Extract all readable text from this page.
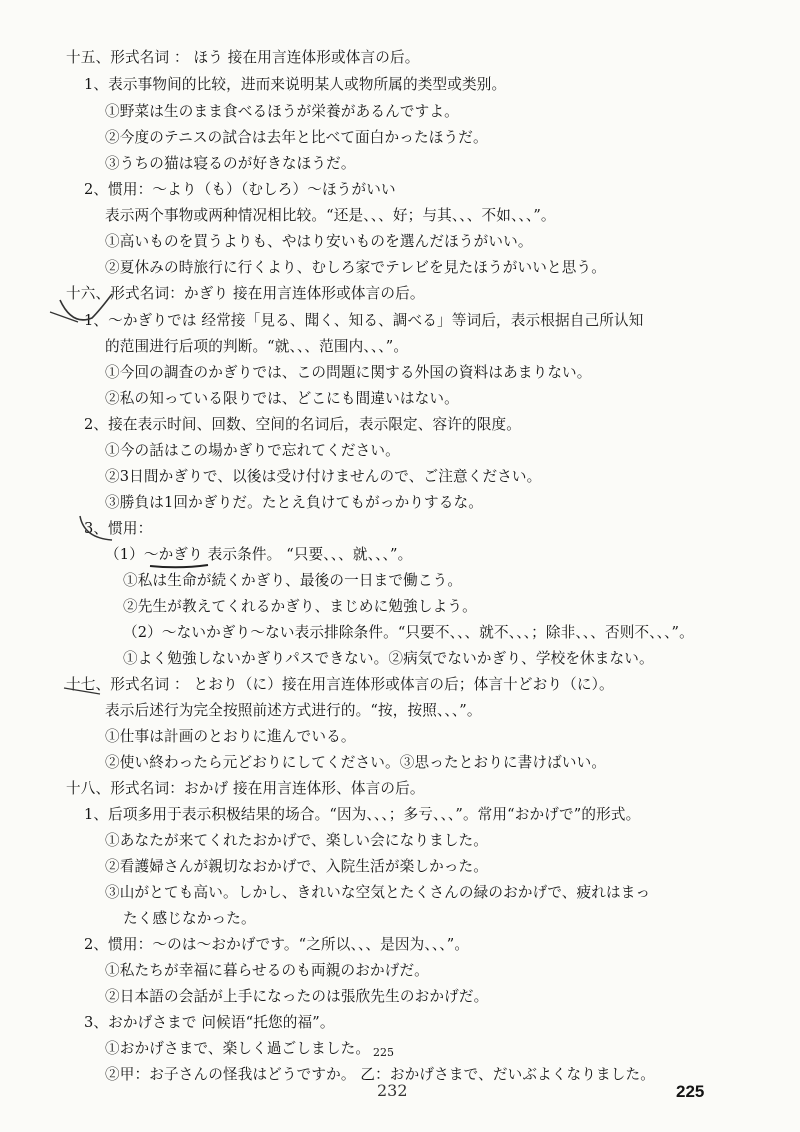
十五、形式名词 ： ほう 接在用言连体形或体言の后。
1、表示事物间的比较，进而来说明某人或物所属的类型或类别。
①野菜は生のまま食べるほうが栄養があるんですよ。
②今度のテニスの試合は去年と比べて面白かったほうだ。
③うちの猫は寝るのが好きなほうだ。
2、惯用：～より（も）（むしろ）～ほうがいい
表示两个事物或两种情况相比较。“还是、、、好；与其、、、不如、、、”。
①高いものを買うよりも、やはり安いものを選んだほうがいい。
②夏休みの時旅行に行くより、むしろ家でテレビを見たほうがいいと思う。
十六、形式名词：かぎり 接在用言连体形或体言の后。
1、～かぎりでは 经常接「見る、聞く、知る、調べる」等词后，表示根据自己所认知
的范围进行后项的判断。“就、、、范围内、、、”。
①今回の調査のかぎりでは、この問題に関する外国の資料はあまりない。
②私の知っている限りでは、どこにも間違いはない。
2、接在表示时间、回数、空间的名词后，表示限定、容许的限度。
①今の話はこの場かぎりで忘れてください。
②3日間かぎりで、以後は受け付けませんので、ご注意ください。
③勝負は1回かぎりだ。たとえ負けてもがっかりするな。
3、惯用：
（1）～かぎり 表示条件。 “只要、、、就、、、”。
①私は生命が続くかぎり、最後の一日まで働こう。
②先生が教えてくれるかぎり、まじめに勉強しよう。
（2）～ないかぎり～ない表示排除条件。“只要不、、、就不、、、；除非、、、否则不、、、”。
①よく勉強しないかぎりパスできない。②病気でないかぎり、学校を休まない。
十七、形式名词 ： とおり（に）接在用言连体形或体言の后；体言十どおり（に）。
表示后述行为完全按照前述方式进行的。“按，按照、、、”。
①仕事は計画のとおりに進んでいる。
②使い終わったら元どおりにしてください。③思ったとおりに書けばいい。
十八、形式名词：おかげ 接在用言连体形、体言の后。
1、后项多用于表示积极结果的场合。“因为、、、；多亏、、、”。常用“おかげで”的形式。
①あなたが来てくれたおかげで、楽しい会になりました。
②看護婦さんが親切なおかげで、入院生活が楽しかった。
③山がとても高い。しかし、きれいな空気とたくさんの緑のおかげで、疲れはまっ
たく感じなかった。
2、惯用：～のは～おかげです。“之所以、、、是因为、、、”。
①私たちが幸福に暮らせるのも両親のおかげだ。
②日本語の会話が上手になったのは張欣先生のおかげだ。
3、おかげさまで 问候语“托您的福”。
①おかげさまで、楽しく過ごしました。
②甲：お子さんの怪我はどうですか。 乙：おかげさまで、だいぶよくなりました。
225
232	225
